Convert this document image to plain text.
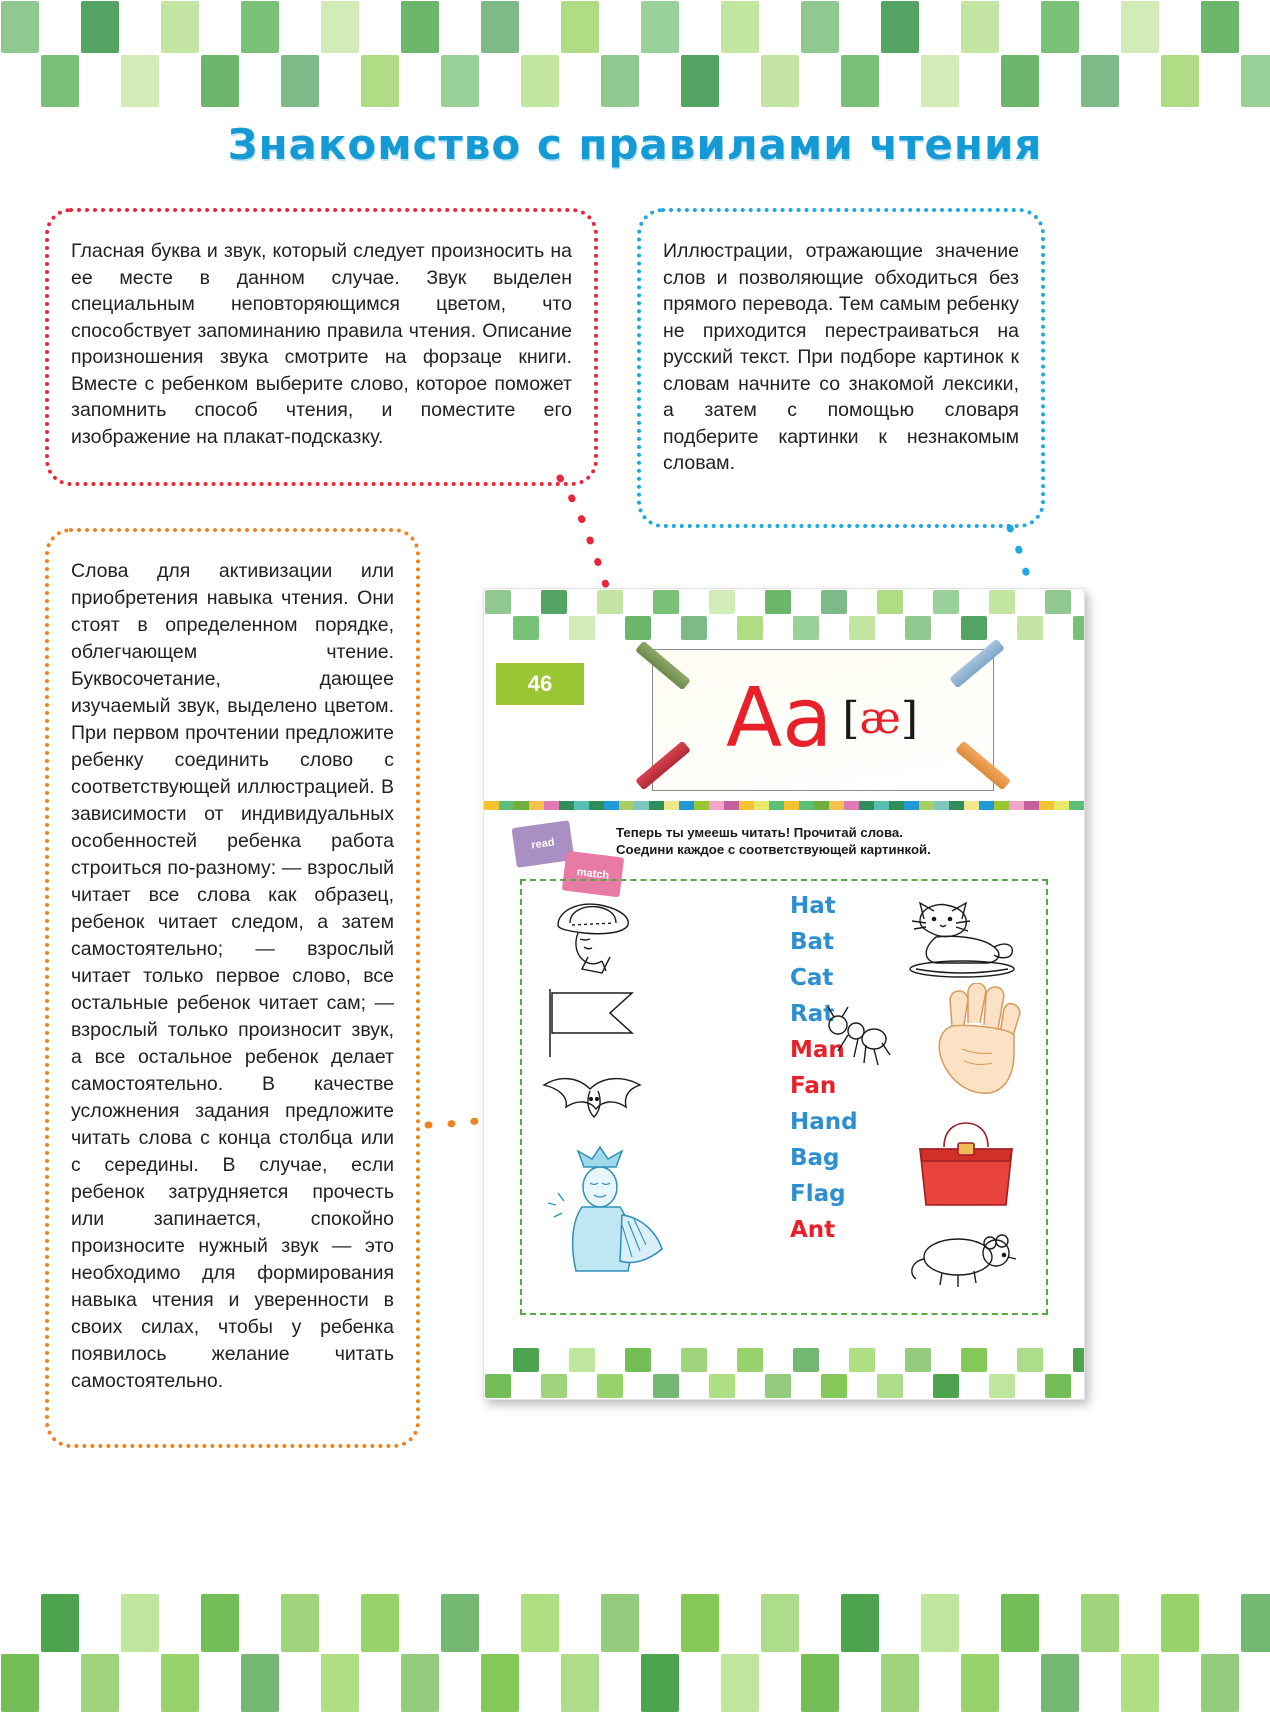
Знакомство с правилами чтения

Гласная буква и звук, который следует произносить на ее месте в данном случае. Звук выделен специальным неповторяющимся цветом, что способствует запоминанию правила чтения. Описание произношения звука смотрите на форзаце книги. Вместе с ребенком выберите слово, которое поможет запомнить способ чтения, и поместите его изображение на плакат-подсказку.

Иллюстрации, отражающие значение слов и позволяющие обходиться без прямого перевода. Тем самым ребенку не приходится перестраиваться на русский текст. При подборе картинок к словам начните со знакомой лексики, а затем с помощью словаря подберите картинки к незнакомым словам.

Слова для активизации или приобретения навыка чтения. Они стоят в определенном порядке, облегчающем чтение. Буквосочетание, дающее изучаемый звук, выделено цветом. При первом прочтении предложите ребенку соединить слово с соответствующей иллюстрацией. В зависимости от индивидуальных особенностей ребенка работа строиться по-разному: — взрослый читает все слова как образец, ребенок читает следом, а затем самостоятельно; — взрослый читает только первое слово, все остальные ребенок читает сам; — взрослый только произносит звук, а все остальное ребенок делает самостоятельно. В качестве усложнения задания предложите читать слова с конца столбца или с середины. В случае, если ребенок затрудняется прочесть или запинается, спокойно произносите нужный звук — это необходимо для формирования навыка чтения и уверенности в своих силах, чтобы у ребенка появилось желание читать самостоятельно.

46	Aa [æ]
read
match
Теперь ты умеешь читать! Прочитай слова.
Соедини каждое с соответствующей картинкой.
Hat
Bat
Cat
Rat
Man
Fan
Hand
Bag
Flag
Ant
